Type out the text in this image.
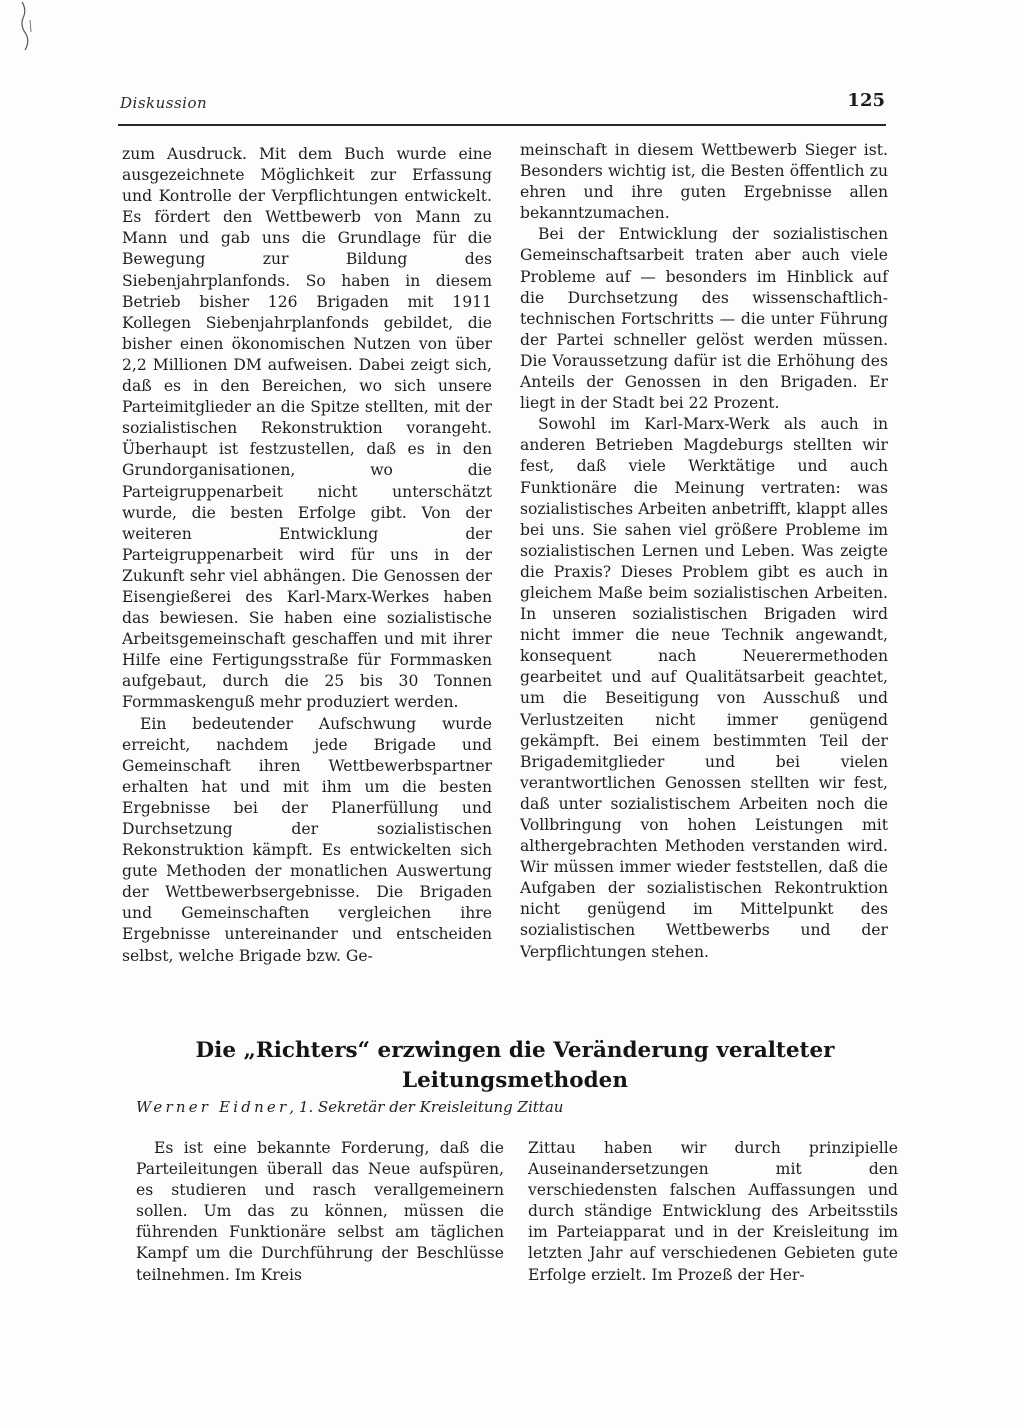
Diskussion	125

zum Ausdruck. Mit dem Buch wurde eine ausgezeichnete Möglichkeit zur Erfassung und Kontrolle der Verpflichtungen entwickelt. Es fördert den Wettbewerb von Mann zu Mann und gab uns die Grundlage für die Bewegung zur Bildung des Siebenjahrplanfonds. So haben in diesem Betrieb bisher 126 Brigaden mit 1911 Kollegen Siebenjahrplanfonds gebildet, die bisher einen ökonomischen Nutzen von über 2,2 Millionen DM aufweisen. Dabei zeigt sich, daß es in den Bereichen, wo sich unsere Parteimitglieder an die Spitze stellten, mit der sozialistischen Rekonstruktion vorangeht. Überhaupt ist festzustellen, daß es in den Grundorganisationen, wo die Parteigruppenarbeit nicht unterschätzt wurde, die besten Erfolge gibt. Von der weiteren Entwicklung der Parteigruppenarbeit wird für uns in der Zukunft sehr viel abhängen. Die Genossen der Eisengießerei des Karl-Marx-Werkes haben das bewiesen. Sie haben eine sozialistische Arbeitsgemeinschaft geschaffen und mit ihrer Hilfe eine Fertigungsstraße für Formmasken aufgebaut, durch die 25 bis 30 Tonnen Formmaskenguß mehr produziert werden.

Ein bedeutender Aufschwung wurde erreicht, nachdem jede Brigade und Gemeinschaft ihren Wettbewerbspartner erhalten hat und mit ihm um die besten Ergebnisse bei der Planerfüllung und Durchsetzung der sozialistischen Rekonstruktion kämpft. Es entwickelten sich gute Methoden der monatlichen Auswertung der Wettbewerbsergebnisse. Die Brigaden und Gemeinschaften vergleichen ihre Ergebnisse untereinander und entscheiden selbst, welche Brigade bzw. Ge-

meinschaft in diesem Wettbewerb Sieger ist. Besonders wichtig ist, die Besten öffentlich zu ehren und ihre guten Ergebnisse allen bekanntzumachen.

Bei der Entwicklung der sozialistischen Gemeinschaftsarbeit traten aber auch viele Probleme auf — besonders im Hinblick auf die Durchsetzung des wissenschaftlich-technischen Fortschritts — die unter Führung der Partei schneller gelöst werden müssen. Die Voraussetzung dafür ist die Erhöhung des Anteils der Genossen in den Brigaden. Er liegt in der Stadt bei 22 Prozent.

Sowohl im Karl-Marx-Werk als auch in anderen Betrieben Magdeburgs stellten wir fest, daß viele Werktätige und auch Funktionäre die Meinung vertraten: was sozialistisches Arbeiten anbetrifft, klappt alles bei uns. Sie sahen viel größere Probleme im sozialistischen Lernen und Leben. Was zeigte die Praxis? Dieses Problem gibt es auch in gleichem Maße beim sozialistischen Arbeiten. In unseren sozialistischen Brigaden wird nicht immer die neue Technik angewandt, konsequent nach Neuerermethoden gearbeitet und auf Qualitätsarbeit geachtet, um die Beseitigung von Ausschuß und Verlustzeiten nicht immer genügend gekämpft. Bei einem bestimmten Teil der Brigademitglieder und bei vielen verantwortlichen Genossen stellten wir fest, daß unter sozialistischem Arbeiten noch die Vollbringung von hohen Leistungen mit althergebrachten Methoden verstanden wird. Wir müssen immer wieder feststellen, daß die Aufgaben der sozialistischen Rekontruktion nicht genügend im Mittelpunkt des sozialistischen Wettbewerbs und der Verpflichtungen stehen.

Die „Richters“ erzwingen die Veränderung veralteter
Leitungsmethoden
Werner Eidner, 1. Sekretär der Kreisleitung Zittau

Es ist eine bekannte Forderung, daß die Parteileitungen überall das Neue aufspüren, es studieren und rasch verallgemeinern sollen. Um das zu können, müssen die führenden Funktionäre selbst am täglichen Kampf um die Durchführung der Beschlüsse teilnehmen. Im Kreis

Zittau haben wir durch prinzipielle Auseinandersetzungen mit den verschiedensten falschen Auffassungen und durch ständige Entwicklung des Arbeitsstils im Parteiapparat und in der Kreisleitung im letzten Jahr auf verschiedenen Gebieten gute Erfolge erzielt. Im Prozeß der Her-
